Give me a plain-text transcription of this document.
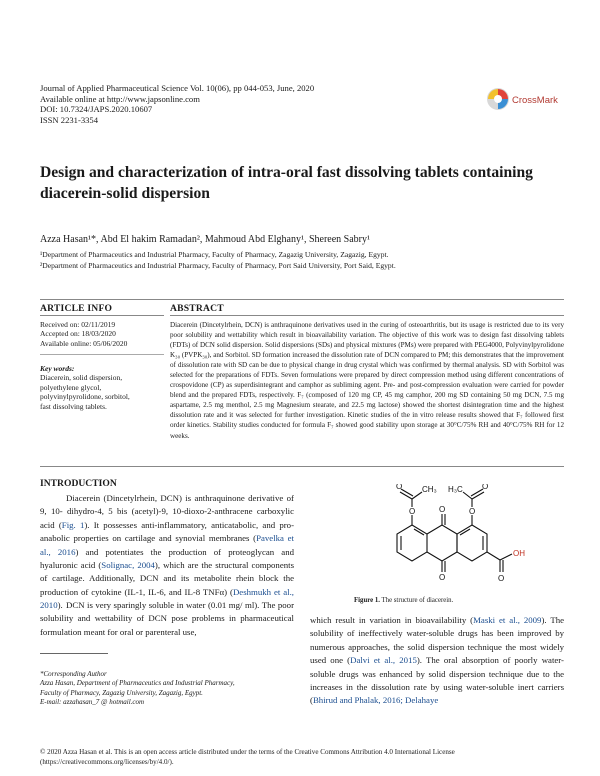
Journal of Applied Pharmaceutical Science Vol. 10(06), pp 044-053, June, 2020
Available online at http://www.japsonline.com
DOI: 10.7324/JAPS.2020.10607
ISSN 2231-3354
CrossMark
Design and characterization of intra-oral fast dissolving tablets containing diacerein-solid dispersion
Azza Hasan¹*, Abd El hakim Ramadan², Mahmoud Abd Elghany¹, Shereen Sabry¹
¹Department of Pharmaceutics and Industrial Pharmacy, Faculty of Pharmacy, Zagazig University, Zagazig, Egypt.
²Department of Pharmaceutics and Industrial Pharmacy, Faculty of Pharmacy, Port Said University, Port Said, Egypt.
ARTICLE INFO	ABSTRACT
Received on: 02/11/2019
Accepted on: 18/03/2020
Available online: 05/06/2020
Key words:
Diacerein, solid dispersion,
polyethylene glycol,
polyvinylpyrolidone, sorbitol,
fast dissolving tablets.
Diacerein (Dincetylrhein, DCN) is anthraquinone derivatives used in the curing of osteoarthritis, but its usage is restricted due to its very poor solubility and wettability which result in bioavailability variation. The objective of this work was to design fast dissolving tablets (FDTs) of DCN solid dispersion. Solid dispersions (SDs) and physical mixtures (PMs) were prepared with PEG4000, Polyvinylpyrolidone K₃₀ (PVPK₃₀), and Sorbitol. SD formation increased the dissolution rate of DCN compared to PM; this demonstrates that the improvement of dissolution rate with SD can be due to physical change in drug crystal which was confirmed by thermal analysis. SD with Sorbitol was selected for the preparations of FDTs. Seven formulations were prepared by direct compression method using different concentrations of crospovidone (CP) as superdisintegrant and camphor as subliming agent. Pre- and post-compression evaluation were carried for powder blend and the prepared FDTs, respectively. F₇ (composed of 120 mg CP, 45 mg camphor, 200 mg SD containing 50 mg DCN, 7.5 mg aspartame, 2.5 mg menthol, 2.5 mg Magnesium stearate, and 22.5 mg lactose) showed the shortest disintegration time and the highest dissolution rate and it was selected for further investigation. Kinetic studies of the in vitro release results showed that F₇ followed first order kinetics. Stability studies conducted for formula F₇ showed good stability upon storage at 30°C/75% RH and 40°C/75% RH for 12 weeks.
INTRODUCTION
Diacerein (Dincetylrhein, DCN) is anthraquinone derivative of 9, 10- dihydro-4, 5 bis (acetyl)-9, 10-dioxo-2-anthracene carboxylic acid (Fig. 1). It possesses anti-inflammatory, anticatabolic, and pro-anabolic properties on cartilage and synovial membranes (Pavelka et al., 2016) and potentiates the production of proteoglycan and hyaluronic acid (Solignac, 2004), which are the structural components of cartilage. Additionally, DCN and its metabolite rhein block the production of cytokine (IL-1, IL-6, and IL-8 TNFα) (Deshmukh et al., 2010). DCN is very sparingly soluble in water (0.01 mg/ ml). The poor solubility and wettability of DCN pose problems in pharmaceutical formulation meant for oral or parenteral use,
O
O
O	O
O	O
CH₃ H₃C
O
OH
Figure 1. The structure of diacerein.
which result in variation in bioavailability (Maski et al., 2009). The solubility of ineffectively water-soluble drugs has been improved by numerous approaches, the solid dispersion technique the most widely used one (Dalvi et al., 2015). The oral absorption of poorly water-soluble drugs was enhanced by solid dispersion technique due to the increases in the dissolution rate by using water-soluble inert carriers (Bhirud and Phalak, 2016; Delahaye
*Corresponding Author
Azza Hasan, Department of Pharmaceutics and Industrial Pharmacy,
Faculty of Pharmacy, Zagazig University, Zagazig, Egypt.
E-mail: azzahasan_7 @ hotmail.com
© 2020 Azza Hasan et al. This is an open access article distributed under the terms of the Creative Commons Attribution 4.0 International License
(https://creativecommons.org/licenses/by/4.0/).
